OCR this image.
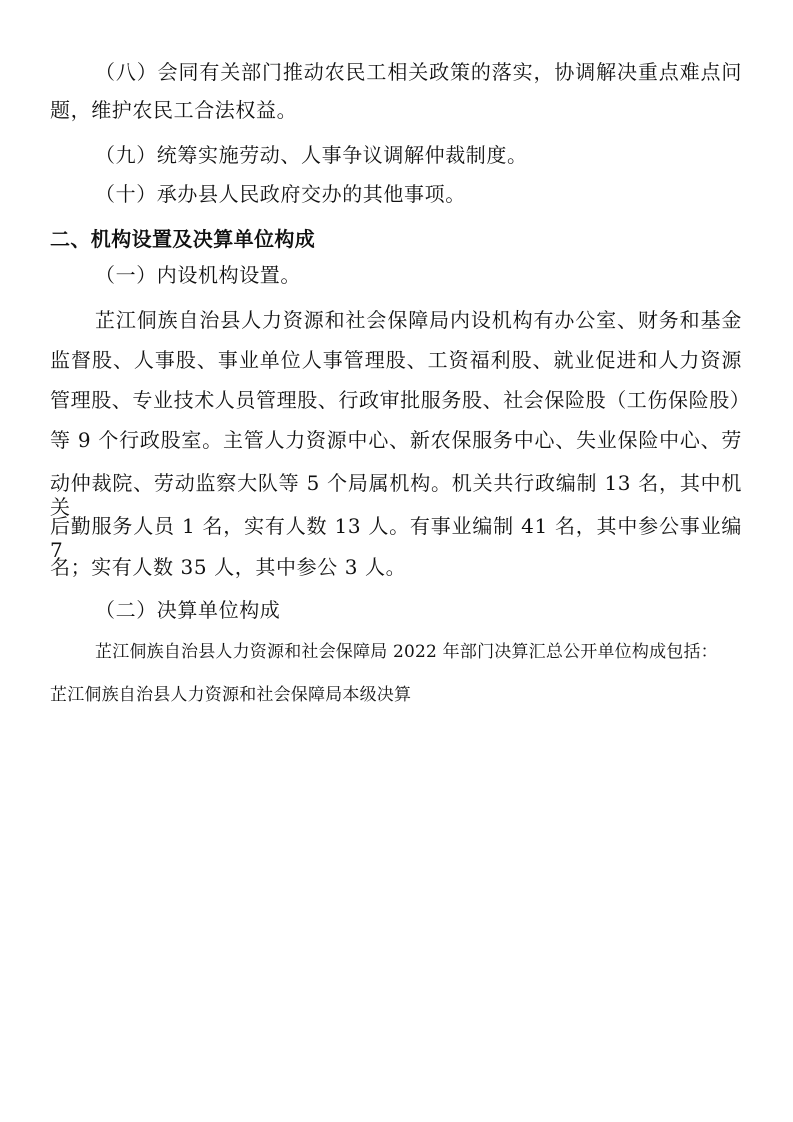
（八）会同有关部门推动农民工相关政策的落实，协调解决重点难点问
题，维护农民工合法权益。
（九）统筹实施劳动、人事争议调解仲裁制度。
（十）承办县人民政府交办的其他事项。
二、机构设置及决算单位构成
（一）内设机构设置。
芷江侗族自治县人力资源和社会保障局内设机构有办公室、财务和基金
监督股、人事股、事业单位人事管理股、工资福利股、就业促进和人力资源
管理股、专业技术人员管理股、行政审批服务股、社会保险股（工伤保险股）
等 9 个行政股室。主管人力资源中心、新农保服务中心、失业保险中心、劳
动仲裁院、劳动监察大队等 5 个局属机构。机关共行政编制 13 名，其中机关
后勤服务人员 1 名，实有人数 13 人。有事业编制 41 名，其中参公事业编 7
名；实有人数 35 人，其中参公 3 人。
（二）决算单位构成
芷江侗族自治县人力资源和社会保障局 2022 年部门决算汇总公开单位构成包括：
芷江侗族自治县人力资源和社会保障局本级决算
